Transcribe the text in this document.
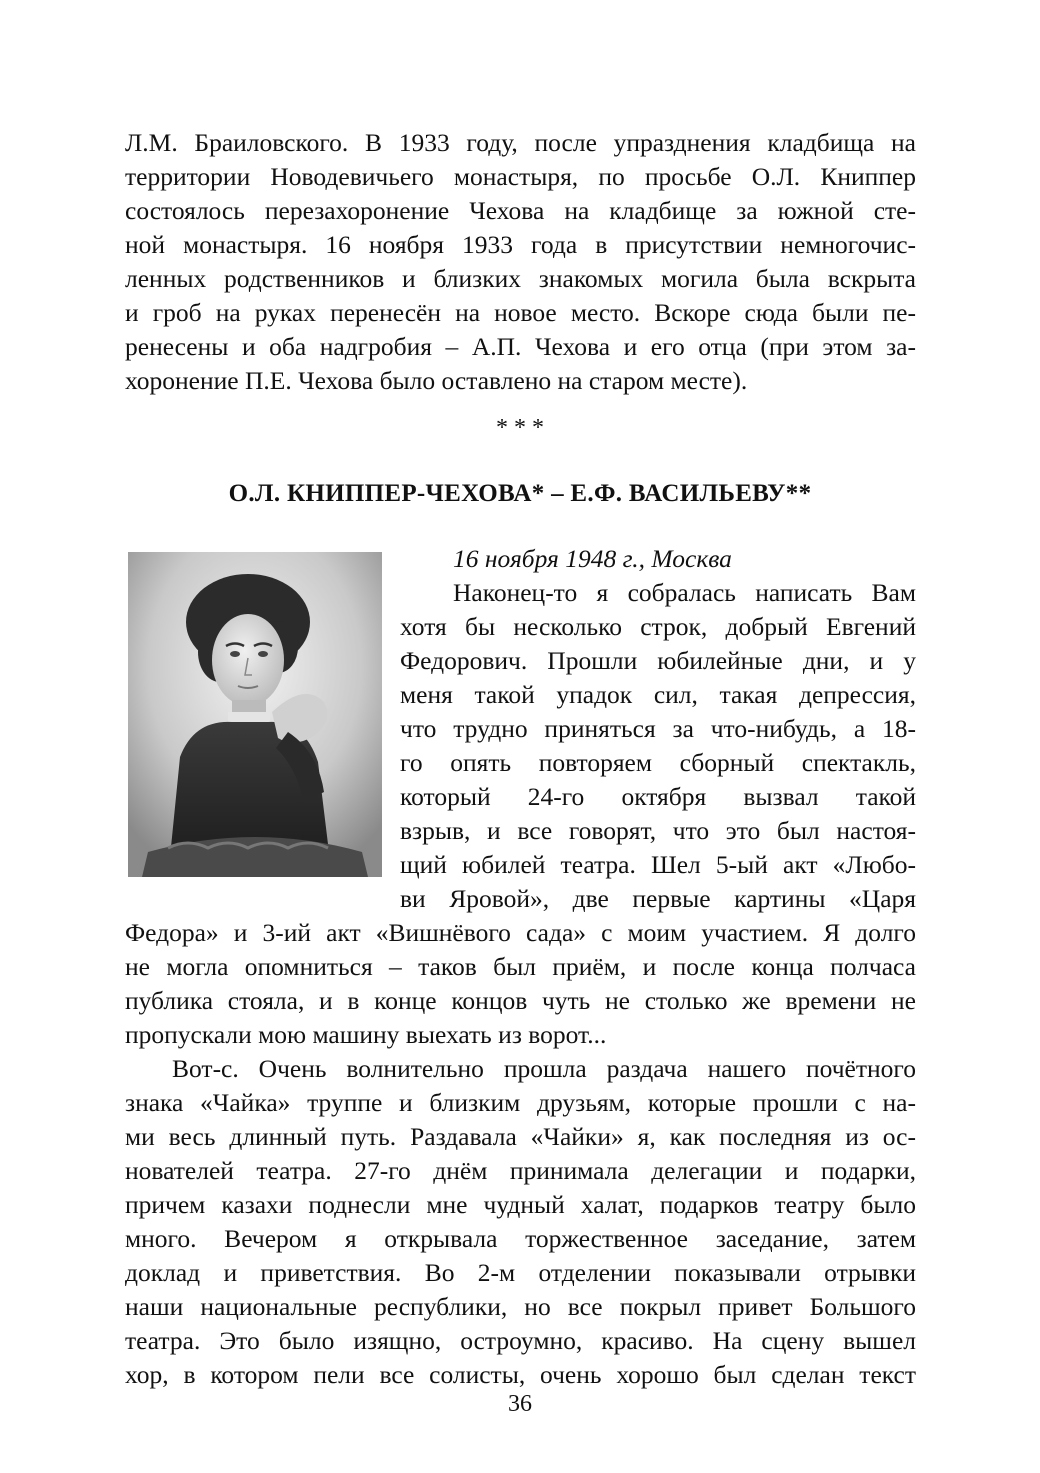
Л.М. Браиловского. В 1933 году, после упразднения кладбища на
территории Новодевичьего монастыря, по просьбе О.Л. Книппер
состоялось перезахоронение Чехова на кладбище за южной сте-
ной монастыря. 16 ноября 1933 года в присутствии немногочис-
ленных родственников и близких знакомых могила была вскрыта
и гроб на руках перенесён на новое место. Вскоре сюда были пе-
ренесены и оба надгробия – А.П. Чехова и его отца (при этом за-
хоронение П.Е. Чехова было оставлено на старом месте).
* * *
О.Л. КНИППЕР-ЧЕХОВА* – Е.Ф. ВАСИЛЬЕВУ**
16 ноября 1948 г., Москва
Наконец-то я собралась написать Вам
хотя бы несколько строк, добрый Евгений
Федорович. Прошли юбилейные дни, и у
меня такой упадок сил, такая депрессия,
что трудно приняться за что-нибудь, а 18-
го опять повторяем сборный спектакль,
который 24-го октября вызвал такой
взрыв, и все говорят, что это был настоя-
щий юбилей театра. Шел 5-ый акт «Любо-
ви Яровой», две первые картины «Царя
Федора» и 3-ий акт «Вишнёвого сада» с моим участием. Я долго
не могла опомниться – таков был приём, и после конца полчаса
публика стояла, и в конце концов чуть не столько же времени не
пропускали мою машину выехать из ворот...
Вот-с. Очень волнительно прошла раздача нашего почётного
знака «Чайка» труппе и близким друзьям, которые прошли с на-
ми весь длинный путь. Раздавала «Чайки» я, как последняя из ос-
нователей театра. 27-го днём принимала делегации и подарки,
причем казахи поднесли мне чудный халат, подарков театру было
много. Вечером я открывала торжественное заседание, затем
доклад и приветствия. Во 2-м отделении показывали отрывки
наши национальные республики, но все покрыл привет Большого
театра. Это было изящно, остроумно, красиво. На сцену вышел
хор, в котором пели все солисты, очень хорошо был сделан текст
36
